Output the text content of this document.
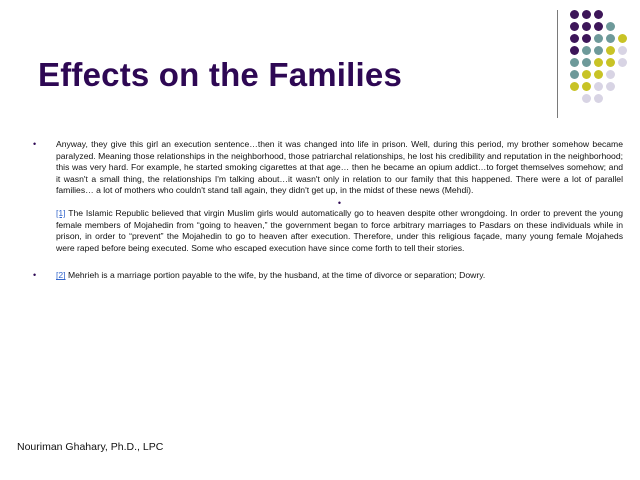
Effects on the Families
• Anyway, they give this girl an execution sentence…then it was changed into life in prison. Well, during this period, my brother somehow became paralyzed. Meaning those relationships in the neighborhood, those patriarchal relationships, he lost his credibility and reputation in the neighborhood; this was very hard. For example, he started smoking cigarettes at that age… then he became an opium addict…to forget themselves somehow; and it wasn't a small thing, the relationships I'm talking about…it wasn't only in relation to our family that this happened. There were a lot of parallel families… a lot of mothers who couldn't stand tall again, they didn't get up, in the midst of these news (Mehdi).
•
[1] The Islamic Republic believed that virgin Muslim girls would automatically go to heaven despite other wrongdoing. In order to prevent the young female members of Mojahedin from “going to heaven,” the government began to force arbitrary marriages to Pasdars on these individuals while in prison, in order to “prevent” the Mojahedin to go to heaven after execution. Therefore, under this religious façade, many young female Mojaheds were raped before being executed. Some who escaped execution have since come forth to tell their stories.
• [2] Mehrieh is a marriage portion payable to the wife, by the husband, at the time of divorce or separation; Dowry.
Nouriman Ghahary, Ph.D., LPC
